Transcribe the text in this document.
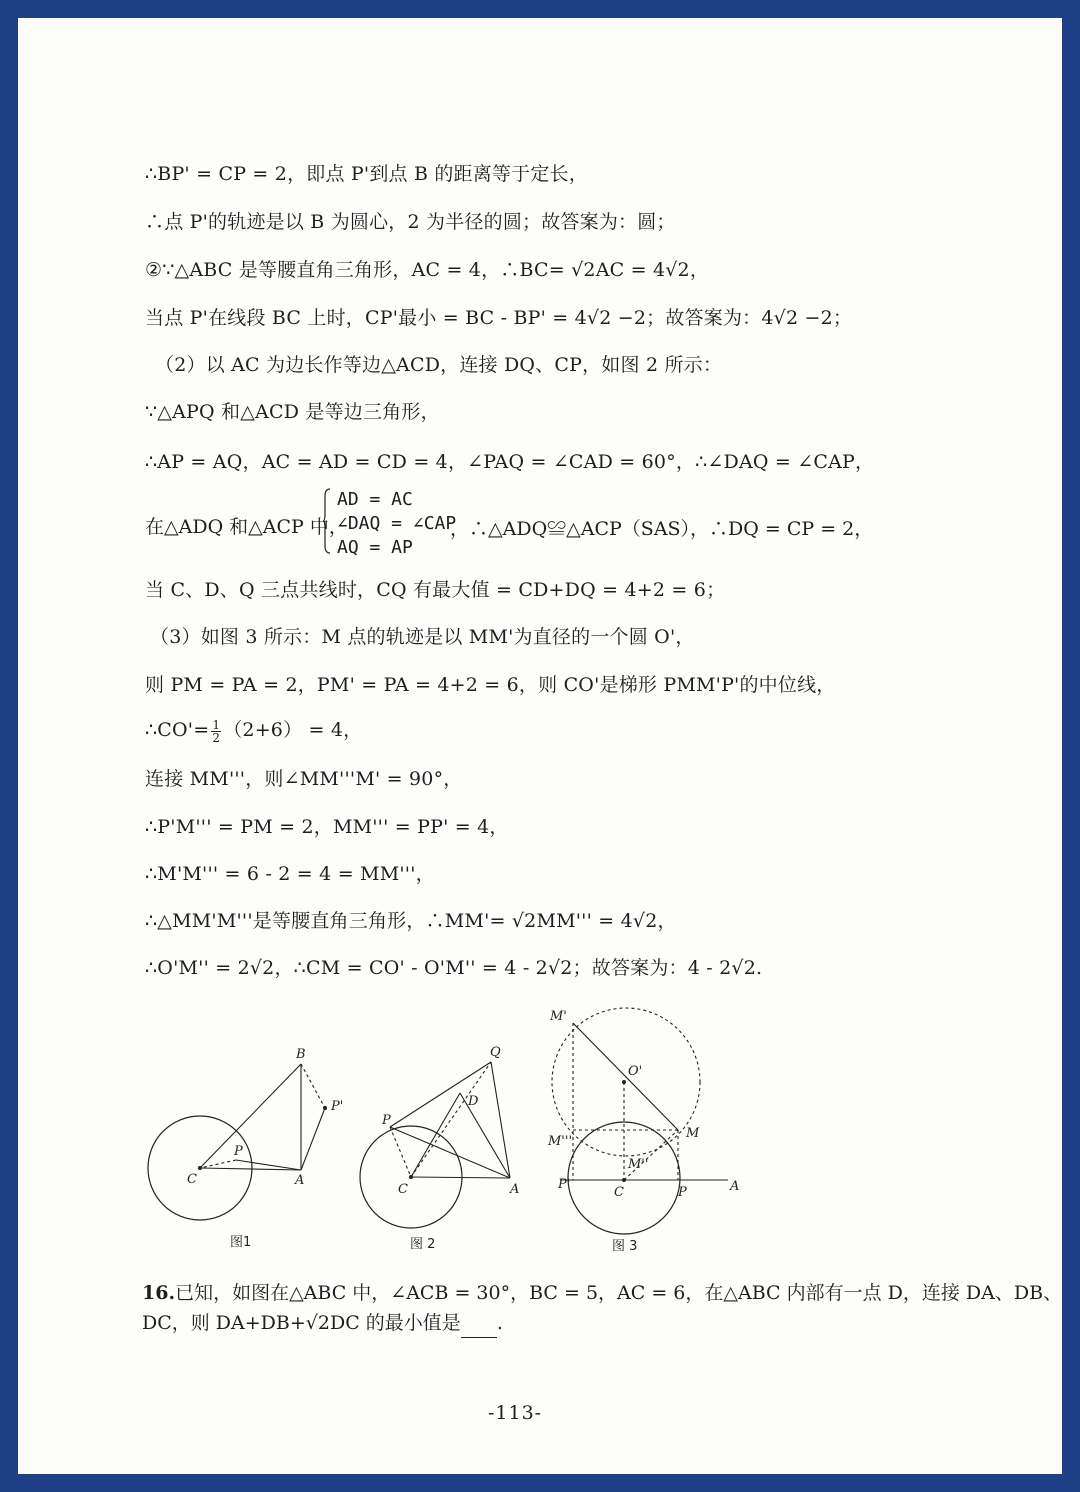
∴BP' = CP = 2，即点 P'到点 B 的距离等于定长，
∴点 P'的轨迹是以 B 为圆心，2 为半径的圆；故答案为：圆；
②∵△ABC 是等腰直角三角形，AC = 4，∴BC= √2AC = 4√2，
当点 P'在线段 BC 上时，CP'最小 = BC - BP' = 4√2 −2；故答案为：4√2 −2；
（2）以 AC 为边长作等边△ACD，连接 DQ、CP，如图 2 所示：
∵△APQ 和△ACD 是等边三角形，
∴AP = AQ，AC = AD = CD = 4，∠PAQ = ∠CAD = 60°，∴∠DAQ = ∠CAP，
在△ADQ 和△ACP 中，
AD = AC
∠DAQ = ∠CAP
AQ = AP
，∴△ADQ≌△ACP（SAS），∴DQ = CP = 2，
当 C、D、Q 三点共线时，CQ 有最大值 = CD+DQ = 4+2 = 6；
（3）如图 3 所示：M 点的轨迹是以 MM'为直径的一个圆 O'，
则 PM = PA = 2，PM' = PA = 4+2 = 6，则 CO'是梯形 PMM'P'的中位线，
∴CO'= $\frac{1}{2} (2+6) = 4$，
连接 MM'''，则∠MM'''M' = 90°，
∴P'M''' = PM = 2，MM''' = PP' = 4，
∴M'M''' = 6 - 2 = 4 = MM'''，
∴△MM'M'''是等腰直角三角形，∴MM'= √2MM''' = 4√2，
∴O'M'' = 2√2，∴CM = CO' - O'M'' = 4 - 2√2；故答案为：4 - 2√2.
B
P'
P
C	A
图1
Q
D
P
C	A
图 2
M'
O'
M'''
M
M''
P'
C	P	A
图 3
16.已知，如图在△ABC 中，∠ACB = 30°，BC = 5，AC = 6，在△ABC 内部有一点 D，连接 DA、DB、
DC，则 DA+DB+√2DC 的最小值是 .
-113-
